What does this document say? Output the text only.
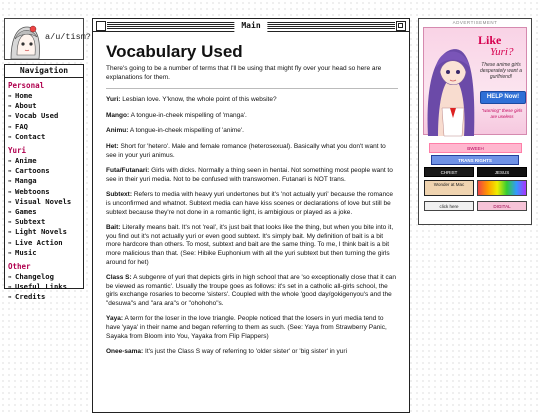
a/u/tism?
Navigation
Personal
➡ Home
➡ About
➡ Vocab Used
➡ FAQ
➡ Contact
Yuri
➡ Anime
➡ Cartoons
➡ Manga
➡ Webtoons
➡ Visual Novels
➡ Games
➡ Subtext
➡ Light Novels
➡ Live Action
➡ Music
Other
➡ Changelog
➡ Useful Links
➡ Credits
Main
Vocabulary Used

There's going to be a number of terms that I'll be using that might fly over your head so here are explanations for them.

Yuri: Lesbian love. Y'know, the whole point of this website?

Mango: A tongue-in-cheek mispelling of 'manga'.

Animu: A tongue-in-cheek mispelling of 'anime'.

Het: Short for 'hetero'. Male and female romance (heterosexual). Basically what you don't want to see in your yuri animus.

Futa/Futanari: Girls with dicks. Normally a thing seen in hentai. Not something most people want to see in their yuri media. Not to be confused with transwomen. Futanari is NOT trans.

Subtext: Refers to media with heavy yuri undertones but it's 'not actually yuri' because the romance is unconfirmed and whatnot. Subtext media can have kiss scenes or declarations of love but still be subtext because they're not done in a romantic light, is ambigious or played as a joke.

Bait: Literally means bait. It's not 'real', it's just bait that looks like the thing, but when you bite into it, you find out it's not actually yuri or even good subtext. It's simply bait. My definition of bait is a bit more hardcore than others. To most, subtext and bait are the same thing. To me, I think bait is a bit more malicious than that. (See: Hibike Euphonium with all the yuri subtext but then turning the girls around for het)

Class S: A subgenre of yuri that depicts girls in high school that are 'so exceptionally close that it can be viewed as romantic'. Usually the troupe goes as follows: it's set in a catholic all-girls school, the girls exchange rosaries to become 'sisters'. Coupled with the whole 'good day/gokigenyou's and the "desuwa"s and "ara ara"s or "ohohoho"s.

Yaya: A term for the loser in the love triangle. People noticed that the losers in yuri media tend to have 'yaya' in their name and began referring to them as such. (See: Yaya from Strawberry Panic, Sayaka from Bloom into You, Yayaka from Flip Flappers)

Onee-sama: It's just the Class S way of referring to 'older sister' or 'big sister' in yuri

ADVERTISEMENT
Like
Yuri?
These anime girls desperately want a gurlfriend!
HELP Now!
"warning" these girls are useless
BWEEH
TRANS RIGHTS
CHRIST	JESUS
Wonder at Mac
click here	DIGITAL
